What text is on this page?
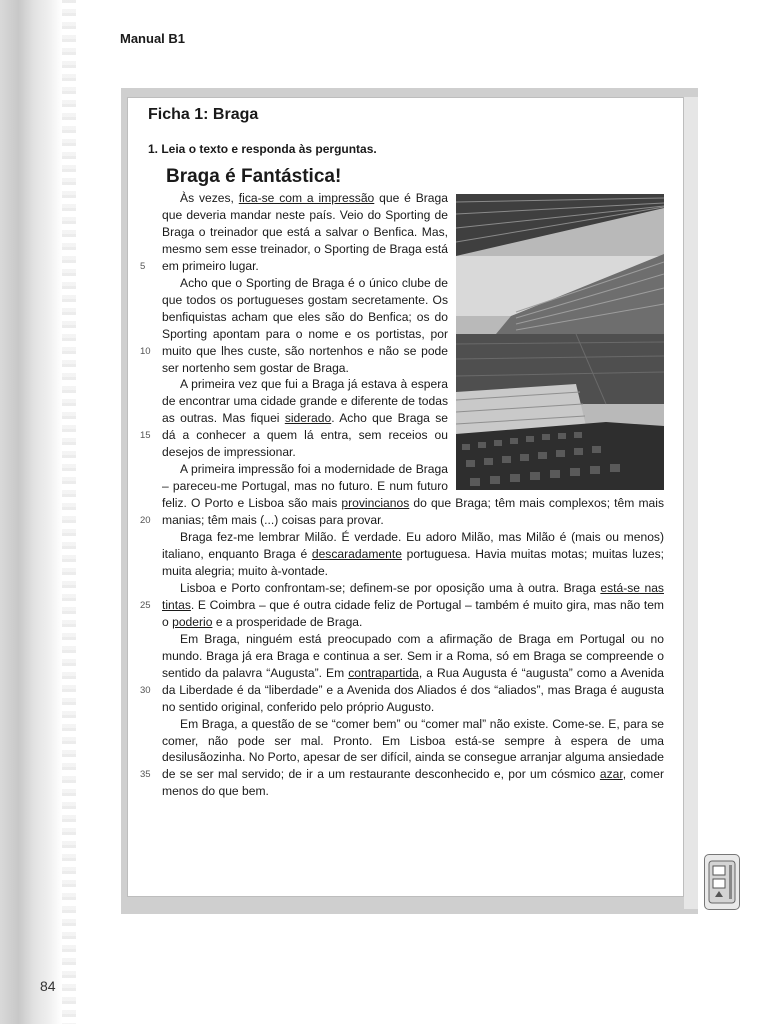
Manual B1
Ficha 1: Braga
1. Leia o texto e responda às perguntas.
Braga é Fantástica!
5
10
15
20
25
30
35

Às vezes, fica-se com a impressão que é Braga que deveria mandar neste país. Veio do Sporting de Braga o treinador que está a salvar o Benfica. Mas, mesmo sem esse treinador, o Sporting de Braga está em primeiro lugar.

Acho que o Sporting de Braga é o único clube de que todos os portugueses gostam secretamente. Os benfiquistas acham que eles são do Benfica; os do Sporting apontam para o nome e os portistas, por muito que lhes custe, são nortenhos e não se pode ser nortenho sem gostar de Braga.

A primeira vez que fui a Braga já estava à espera de encontrar uma cidade grande e diferente de todas as outras. Mas fiquei siderado. Acho que Braga se dá a conhecer a quem lá entra, sem receios ou desejos de impressionar.

A primeira impressão foi a modernidade de Braga – pareceu-me Portugal, mas no futuro. E num futuro feliz. O Porto e Lisboa são mais provincianos do que Braga; têm mais complexos; têm mais manias; têm mais (...) coisas para provar.

Braga fez-me lembrar Milão. É verdade. Eu adoro Milão, mas Milão é (mais ou menos) italiano, enquanto Braga é descaradamente portuguesa. Havia muitas motas; muitas luzes; muita alegria; muito à-vontade.

Lisboa e Porto confrontam-se; definem-se por oposição uma à outra. Braga está-se nas tintas. E Coimbra – que é outra cidade feliz de Portugal – também é muito gira, mas não tem o poderio e a prosperidade de Braga.

Em Braga, ninguém está preocupado com a afirmação de Braga em Portugal ou no mundo. Braga já era Braga e continua a ser. Sem ir a Roma, só em Braga se compreende o sentido da palavra “Augusta”. Em contrapartida, a Rua Augusta é “augusta” como a Avenida da Liberdade é da “liberdade” e a Avenida dos Aliados é dos “aliados”, mas Braga é augusta no sentido original, conferido pelo próprio Augusto.

Em Braga, a questão de se “comer bem” ou “comer mal” não existe. Come-se. E, para se comer, não pode ser mal. Pronto. Em Lisboa está-se sempre à espera de uma desilusãozinha. No Porto, apesar de ser difícil, ainda se consegue arranjar alguma ansiedade de se ser mal servido; de ir a um restaurante desconhecido e, por um cósmico azar, comer menos do que bem.

84
